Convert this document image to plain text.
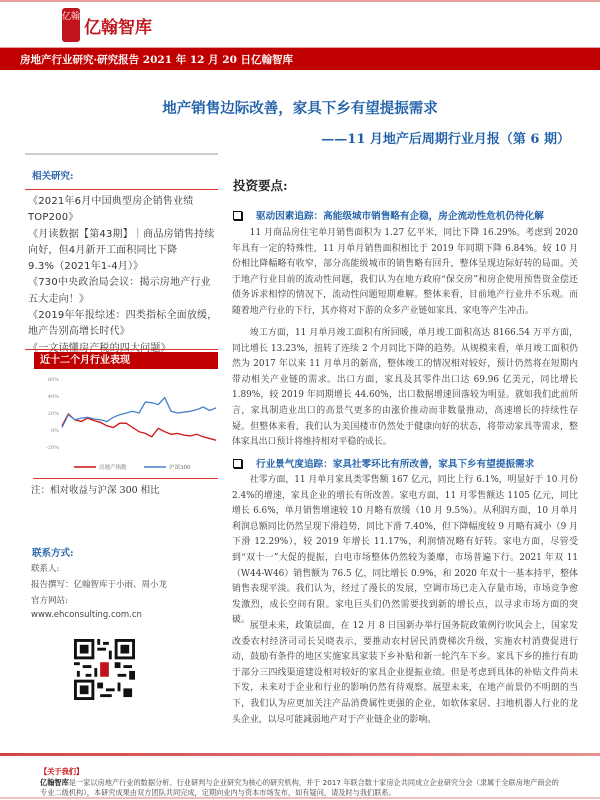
亿翰
亿翰智库
房地产行业研究·研究报告 2021 年 12 月 20 日亿翰智库
地产销售边际改善，家具下乡有望提振需求
——11 月地产后周期行业月报（第 6 期）
相关研究:
《2021年6月中国典型房企销售业绩TOP200》
《月读数据【第43期】｜商品房销售持续向好，但4月新开工面积同比下降9.3%（2021年1-4月）》
《730中央政治局会议：揭示房地产行业五大走向！》
《2019年年报综述：四类指标全面放缓，地产告别高增长时代》
近十二个月行业表现
60%
40%
20%
0%
-20%
房地产指数	沪深300
注：相对收益与沪深 300 相比
联系方式:
联系人:
报告撰写：亿翰智库于小雨、周小龙
官方网站:
www.ehconsulting.com.cn
投资要点:
驱动因素追踪：高能级城市销售略有企稳，房企流动性危机仍待化解
11 月商品房住宅单月销售面积为 1.27 亿平米，同比下降 16.29%。考虑到 2020 年具有一定的特殊性，11 月单月销售面积相比于 2019 年同期下降 6.84%。较 10 月份相比降幅略有收窄，部分高能级城市的销售略有回升，整体呈现边际好转的局面。关于地产行业目前的流动性问题，我们认为在地方政府“保交房”和房企使用预售资金偿还债务诉求相悖的情况下，流动性问题短期难解。整体来看，目前地产行业并不乐观。而随着地产行业的下行，其亦将对下游的众多产业链如家具、家电等产生冲击。
竣工方面，11 月单月竣工面积有所回暖，单月竣工面积高达 8166.54 万平方面，同比增长 13.23%，扭转了连续 2 个月同比下降的趋势。从规模来看，单月竣工面积仍然为 2017 年以来 11 月单月的新高，整体竣工的情况相对较好，预计仍然将在短期内带动相关产业链的需求。出口方面，家具及其零件出口达 69.96 亿美元，同比增长 1.89%，较 2019 年同期增长 44.60%，出口数据增速回落较为明显。就如我们此前所言，家具制造业出口的高景气更多的由涨价推动而非数量推动，高速增长的持续性存疑。但整体来看，我们认为美国楼市仍然处于健康向好的状态，将带动家具等需求，整体家具出口预计将维持相对平稳的成长。
行业景气度追踪：家具社零环比有所改善，家具下乡有望提振需求
社零方面，11 月单月家具类零售额 167 亿元，同比上行 6.1%，明显好于 10 月份 2.4%的增速，家具企业的增长有所改善。家电方面，11 月零售额达 1105 亿元，同比增长 6.6%，单月销售增速较 10 月略有放缓（10 月 9.5%）。从利润方面，10 月单月利润总额同比仍然呈现下滑趋势，同比下滑 7.40%，但下降幅度较 9 月略有减小（9 月下滑 12.29%），较 2019 年增长 11.17%，利润情况略有好转。家电方面，尽管受到“双十一”大促的提振，白电市场整体仍然较为萎靡，市场普遍下行。2021 年双 11（W44-W46）销售额为 76.5 亿，同比增长 0.9%，和 2020 年双十一基本持平，整体销售表现平淡。我们认为，经过了漫长的发展，空调市场已走入存量市场，市场竞争愈发激烈，成长空间有限。家电巨头们仍然需要找到新的增长点，以寻求市场方面的突破。
展望未来，政策层面，在 12 月 8 日国新办举行国务院政策例行吹风会上，国家发改委农村经济司司长吴晓表示，要推动农村居民消费梯次升级，实施农村消费促进行动，鼓励有条件的地区实施家具家装下乡补贴和新一轮汽车下乡。家具下乡的推行有助于部分三四线渠道建设相对较好的家具企业提振业绩。但是考虑到具体的补贴文件尚未下发，未来对于企业和行业的影响仍然有待观察。展望未来，在地产前景仍不明朗的当下，我们认为应更加关注产品消费属性更强的企业，如软体家居、扫地机器人行业的龙头企业，以尽可能减弱地产对于产业链企业的影响。
【关于我们】
亿翰智库是一家以房地产行业的数据分析、行业研判与企业研究为核心的研究机构，并于 2017 年联合数十家房企共同成立企业研究分会（隶属于全联房地产商会的专业二级机构），本研究成果由双方团队共同完成，定期向业内与资本市场发布，如有疑问，请及时与我们联系。
